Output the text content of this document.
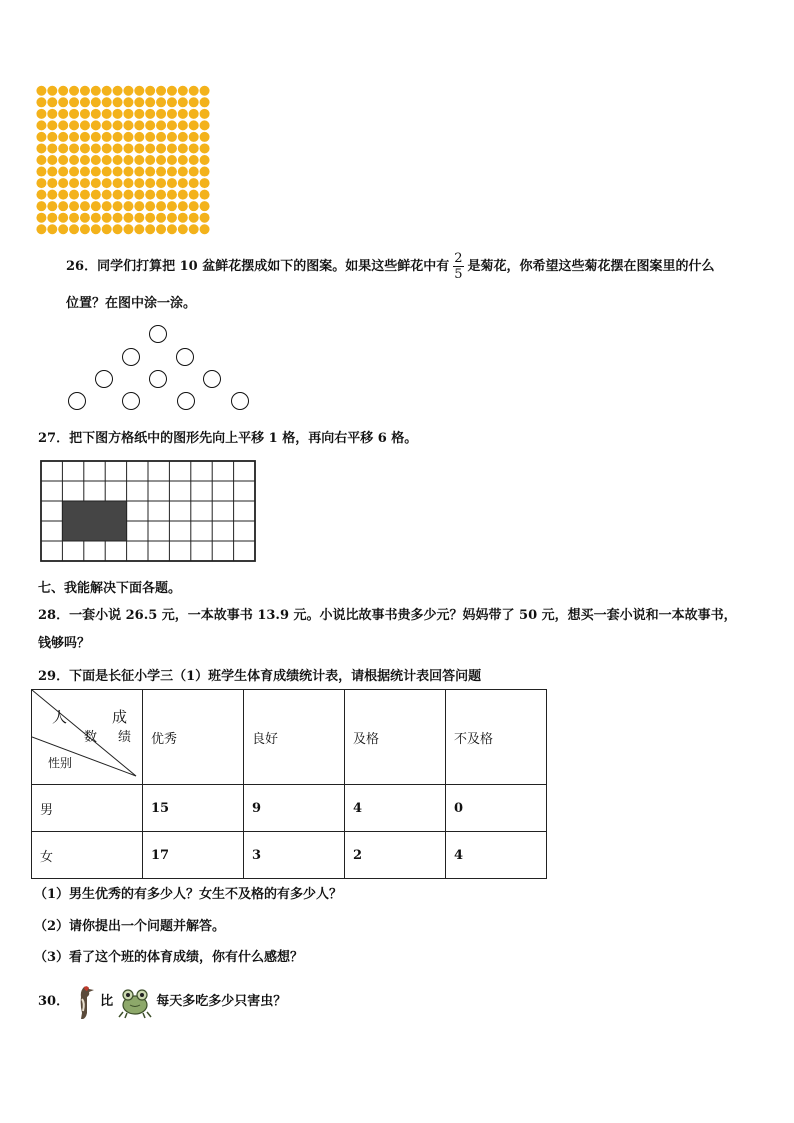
26．同学们打算把 10 盆鲜花摆成如下的图案。如果这些鲜花中有 $\frac{2}{5}$ 是菊花，你希望这些菊花摆在图案里的什么
位置？在图中涂一涂。
27．把下图方格纸中的图形先向上平移 1 格，再向右平移 6 格。
七、我能解决下面各题。
28．一套小说 26.5 元，一本故事书 13.9 元。小说比故事书贵多少元？妈妈带了 50 元，想买一套小说和一本故事书，
钱够吗？
29．下面是长征小学三（1）班学生体育成绩统计表，请根据统计表回答问题
人
数
成
绩
性别	优秀	良好	及格	不及格
男	15	9	4	0
女	17	3	2	4
（1）男生优秀的有多少人？女生不及格的有多少人？
（2）请你提出一个问题并解答。
（3）看了这个班的体育成绩，你有什么感想？
30． 比	每天多吃多少只害虫？
